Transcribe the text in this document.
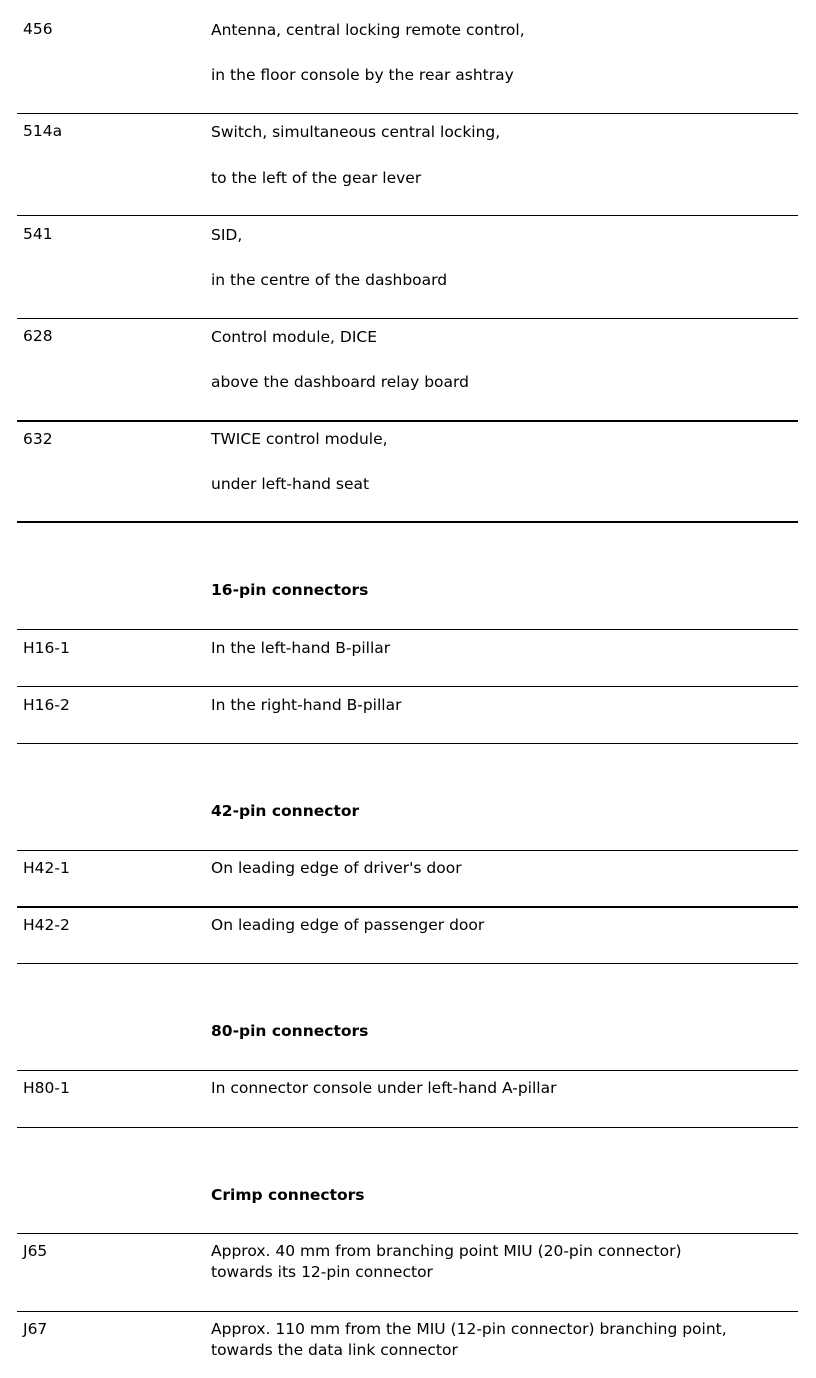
456	Antenna, central locking remote control,
in the floor console by the rear ashtray
514a	Switch, simultaneous central locking,
to the left of the gear lever
541	SID,
in the centre of the dashboard
628	Control module, DICE
above the dashboard relay board
632	TWICE control module,
under left-hand seat
16-pin connectors
H16-1	In the left-hand B-pillar
H16-2	In the right-hand B-pillar
42-pin connector
H42-1	On leading edge of driver's door
H42-2	On leading edge of passenger door
80-pin connectors
H80-1	In connector console under left-hand A-pillar
Crimp connectors
J65	Approx. 40 mm from branching point MIU (20-pin connector)
towards its 12-pin connector
J67	Approx. 110 mm from the MIU (12-pin connector) branching point,
towards the data link connector
